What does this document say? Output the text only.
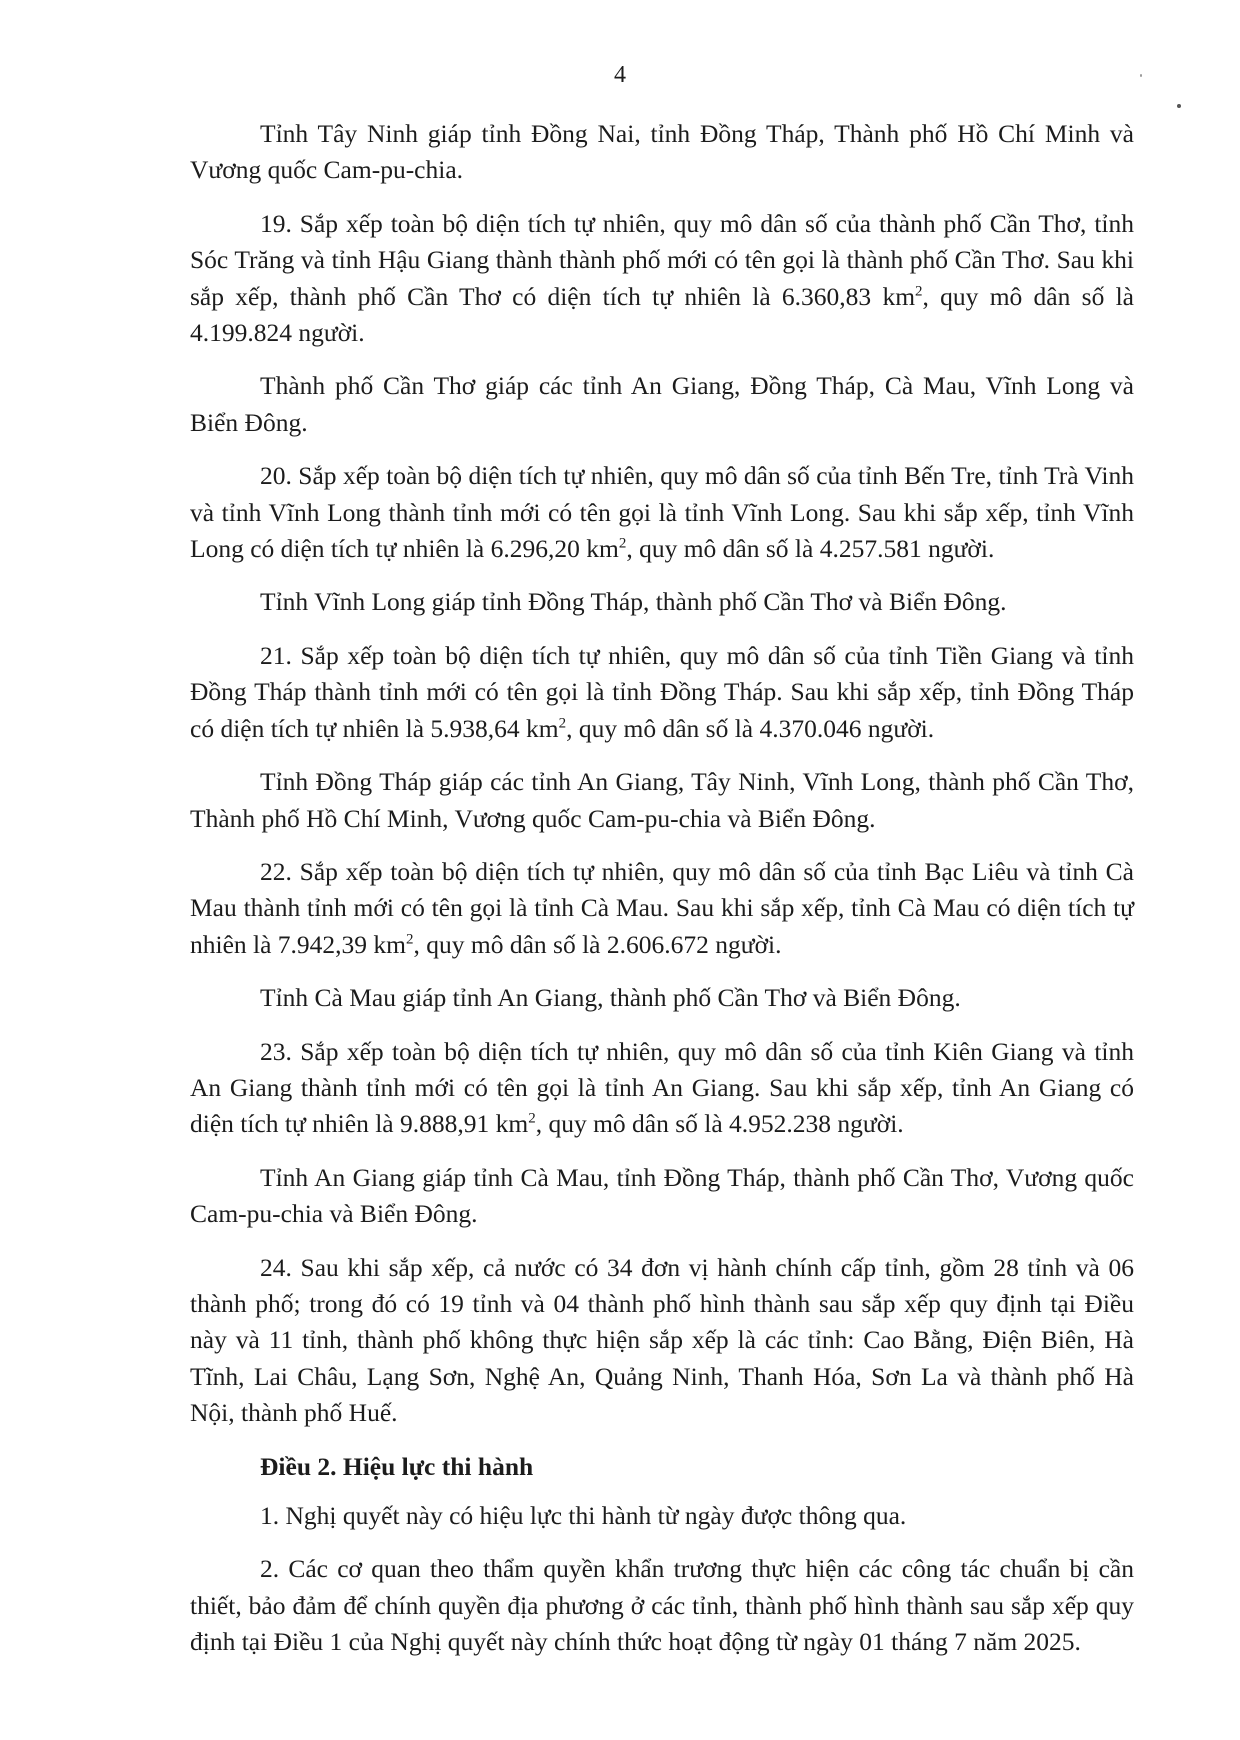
4

Tỉnh Tây Ninh giáp tỉnh Đồng Nai, tỉnh Đồng Tháp, Thành phố Hồ Chí Minh và Vương quốc Cam-pu-chia.

19. Sắp xếp toàn bộ diện tích tự nhiên, quy mô dân số của thành phố Cần Thơ, tỉnh Sóc Trăng và tỉnh Hậu Giang thành thành phố mới có tên gọi là thành phố Cần Thơ. Sau khi sắp xếp, thành phố Cần Thơ có diện tích tự nhiên là 6.360,83 $km^2$, quy mô dân số là 4.199.824 người.

Thành phố Cần Thơ giáp các tỉnh An Giang, Đồng Tháp, Cà Mau, Vĩnh Long và Biển Đông.

20. Sắp xếp toàn bộ diện tích tự nhiên, quy mô dân số của tỉnh Bến Tre, tỉnh Trà Vinh và tỉnh Vĩnh Long thành tỉnh mới có tên gọi là tỉnh Vĩnh Long. Sau khi sắp xếp, tỉnh Vĩnh Long có diện tích tự nhiên là 6.296,20 $km^2$, quy mô dân số là 4.257.581 người.

Tỉnh Vĩnh Long giáp tỉnh Đồng Tháp, thành phố Cần Thơ và Biển Đông.

21. Sắp xếp toàn bộ diện tích tự nhiên, quy mô dân số của tỉnh Tiền Giang và tỉnh Đồng Tháp thành tỉnh mới có tên gọi là tỉnh Đồng Tháp. Sau khi sắp xếp, tỉnh Đồng Tháp có diện tích tự nhiên là 5.938,64 $km^2$, quy mô dân số là 4.370.046 người.

Tỉnh Đồng Tháp giáp các tỉnh An Giang, Tây Ninh, Vĩnh Long, thành phố Cần Thơ, Thành phố Hồ Chí Minh, Vương quốc Cam-pu-chia và Biển Đông.

22. Sắp xếp toàn bộ diện tích tự nhiên, quy mô dân số của tỉnh Bạc Liêu và tỉnh Cà Mau thành tỉnh mới có tên gọi là tỉnh Cà Mau. Sau khi sắp xếp, tỉnh Cà Mau có diện tích tự nhiên là 7.942,39 $km^2$, quy mô dân số là 2.606.672 người.

Tỉnh Cà Mau giáp tỉnh An Giang, thành phố Cần Thơ và Biển Đông.

23. Sắp xếp toàn bộ diện tích tự nhiên, quy mô dân số của tỉnh Kiên Giang và tỉnh An Giang thành tỉnh mới có tên gọi là tỉnh An Giang. Sau khi sắp xếp, tỉnh An Giang có diện tích tự nhiên là 9.888,91 $km^2$, quy mô dân số là 4.952.238 người.

Tỉnh An Giang giáp tỉnh Cà Mau, tỉnh Đồng Tháp, thành phố Cần Thơ, Vương quốc Cam-pu-chia và Biển Đông.

24. Sau khi sắp xếp, cả nước có 34 đơn vị hành chính cấp tỉnh, gồm 28 tỉnh và 06 thành phố; trong đó có 19 tỉnh và 04 thành phố hình thành sau sắp xếp quy định tại Điều này và 11 tỉnh, thành phố không thực hiện sắp xếp là các tỉnh: Cao Bằng, Điện Biên, Hà Tĩnh, Lai Châu, Lạng Sơn, Nghệ An, Quảng Ninh, Thanh Hóa, Sơn La và thành phố Hà Nội, thành phố Huế.

Điều 2. Hiệu lực thi hành

1. Nghị quyết này có hiệu lực thi hành từ ngày được thông qua.

2. Các cơ quan theo thẩm quyền khẩn trương thực hiện các công tác chuẩn bị cần thiết, bảo đảm để chính quyền địa phương ở các tỉnh, thành phố hình thành sau sắp xếp quy định tại Điều 1 của Nghị quyết này chính thức hoạt động từ ngày 01 tháng 7 năm 2025.
